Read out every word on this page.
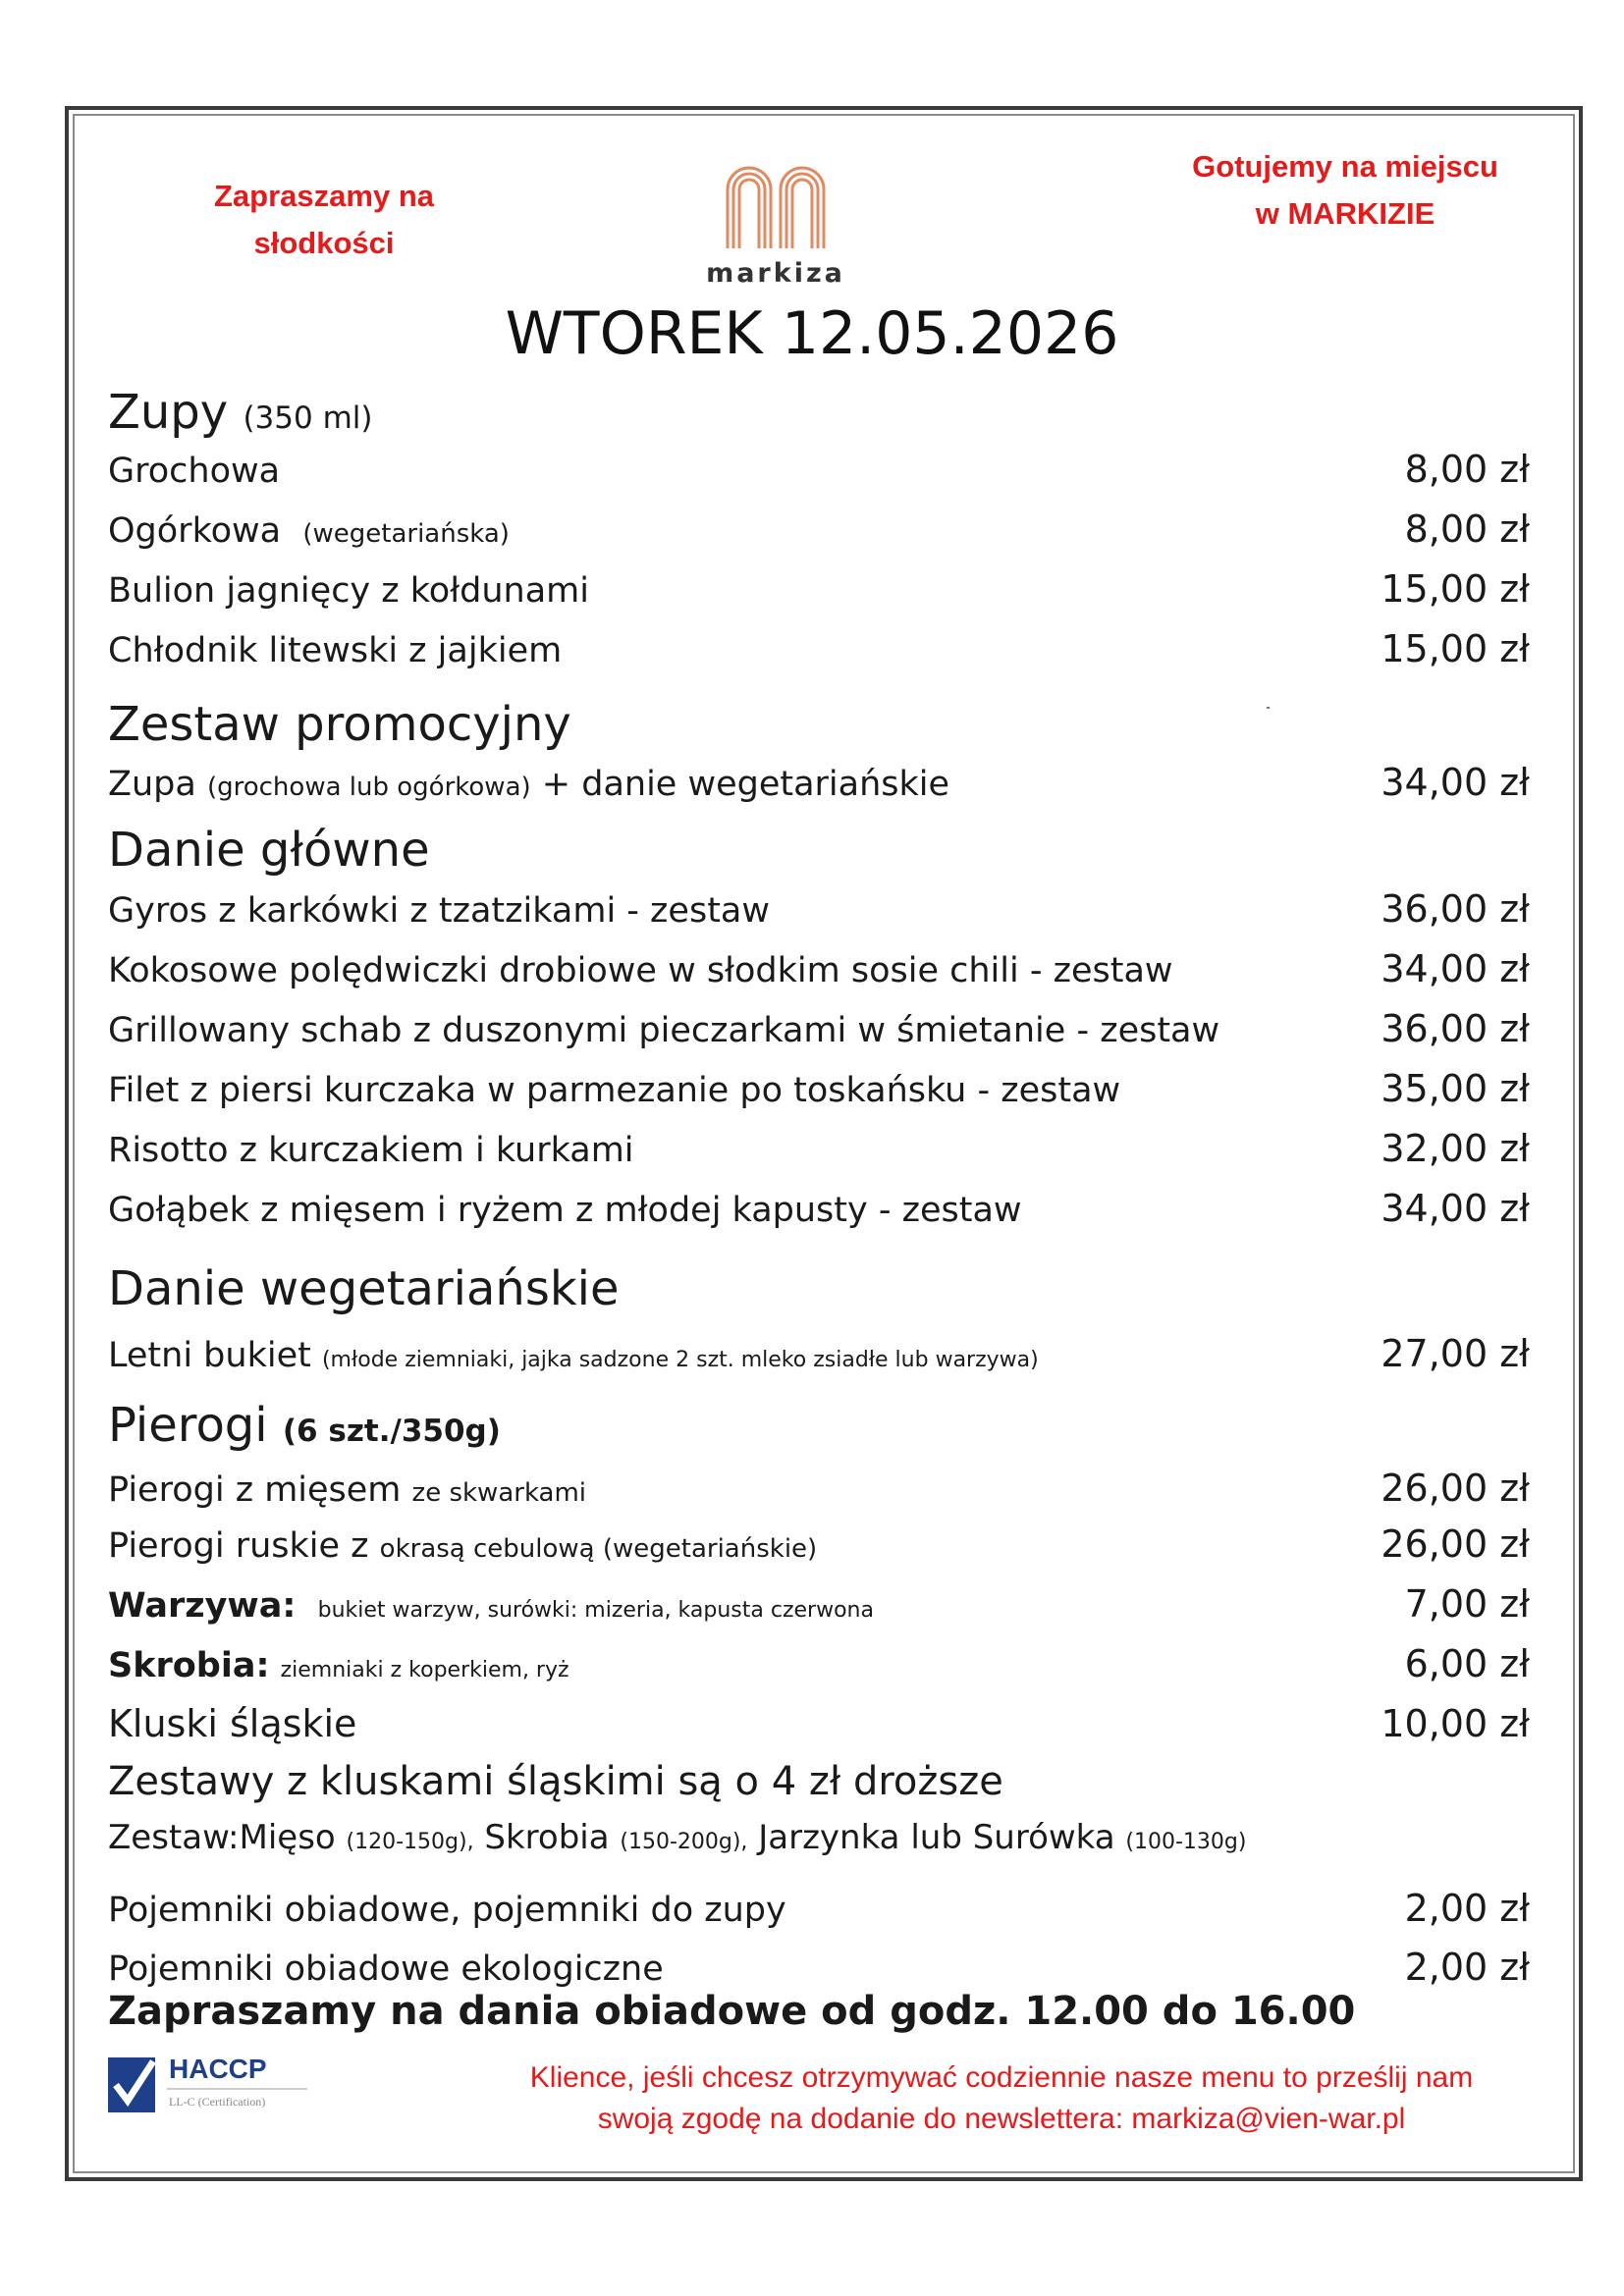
Zapraszamy na
słodkości
Gotujemy na miejscu
w MARKIZIE
markiza
WTOREK 12.05.2026
Zupy (350 ml)
Grochowa	8,00 zł
Ogórkowa (wegetariańska)	8,00 zł
Bulion jagnięcy z kołdunami	15,00 zł
Chłodnik litewski z jajkiem	15,00 zł
Zestaw promocyjny
Zupa (grochowa lub ogórkowa) + danie wegetariańskie	34,00 zł
Danie główne
Gyros z karkówki z tzatzikami - zestaw	36,00 zł
Kokosowe polędwiczki drobiowe w słodkim sosie chili - zestaw	34,00 zł
Grillowany schab z duszonymi pieczarkami w śmietanie - zestaw	36,00 zł
Filet z piersi kurczaka w parmezanie po toskańsku - zestaw	35,00 zł
Risotto z kurczakiem i kurkami	32,00 zł
Gołąbek z mięsem i ryżem z młodej kapusty - zestaw	34,00 zł
Danie wegetariańskie
Letni bukiet (młode ziemniaki, jajka sadzone 2 szt. mleko zsiadłe lub warzywa)	27,00 zł
Pierogi (6 szt./350g)
Pierogi z mięsem ze skwarkami	26,00 zł
Pierogi ruskie z okrasą cebulową (wegetariańskie)	26,00 zł
Warzywa: bukiet warzyw, surówki: mizeria, kapusta czerwona	7,00 zł
Skrobia: ziemniaki z koperkiem, ryż	6,00 zł
Kluski śląskie	10,00 zł
Zestawy z kluskami śląskimi są o 4 zł droższe
Zestaw:Mięso (120-150g), Skrobia (150-200g), Jarzynka lub Surówka (100-130g)
Pojemniki obiadowe, pojemniki do zupy	2,00 zł
Pojemniki obiadowe ekologiczne	2,00 zł
Zapraszamy na dania obiadowe od godz. 12.00 do 16.00
HACCP
LL-C (Certification)
Klience, jeśli chcesz otrzymywać codziennie nasze menu to prześlij nam
swoją zgodę na dodanie do newslettera: markiza@vien-war.pl
